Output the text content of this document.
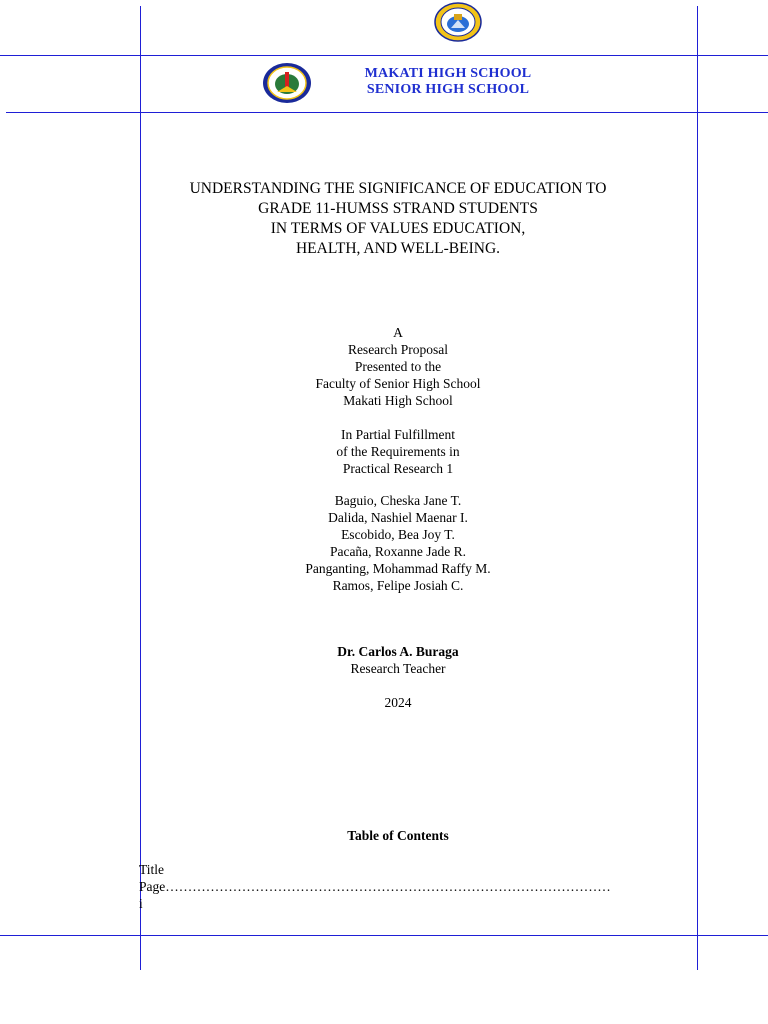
MAKATI HIGH SCHOOL
SENIOR HIGH SCHOOL
UNDERSTANDING THE SIGNIFICANCE OF EDUCATION TO
GRADE 11-HUMSS STRAND STUDENTS
IN TERMS OF VALUES EDUCATION,
HEALTH, AND WELL-BEING.
A
Research Proposal
Presented to the
Faculty of Senior High School
Makati High School
In Partial Fulfillment
of the Requirements in
Practical Research 1
Baguio, Cheska Jane T.
Dalida, Nashiel Maenar I.
Escobido, Bea Joy T.
Pacaña, Roxanne Jade R.
Panganting, Mohammad Raffy M.
Ramos, Felipe Josiah C.
Dr. Carlos A. Buraga
Research Teacher
2024
Table of Contents
Title
Page………………………………………………………………………………………
i
